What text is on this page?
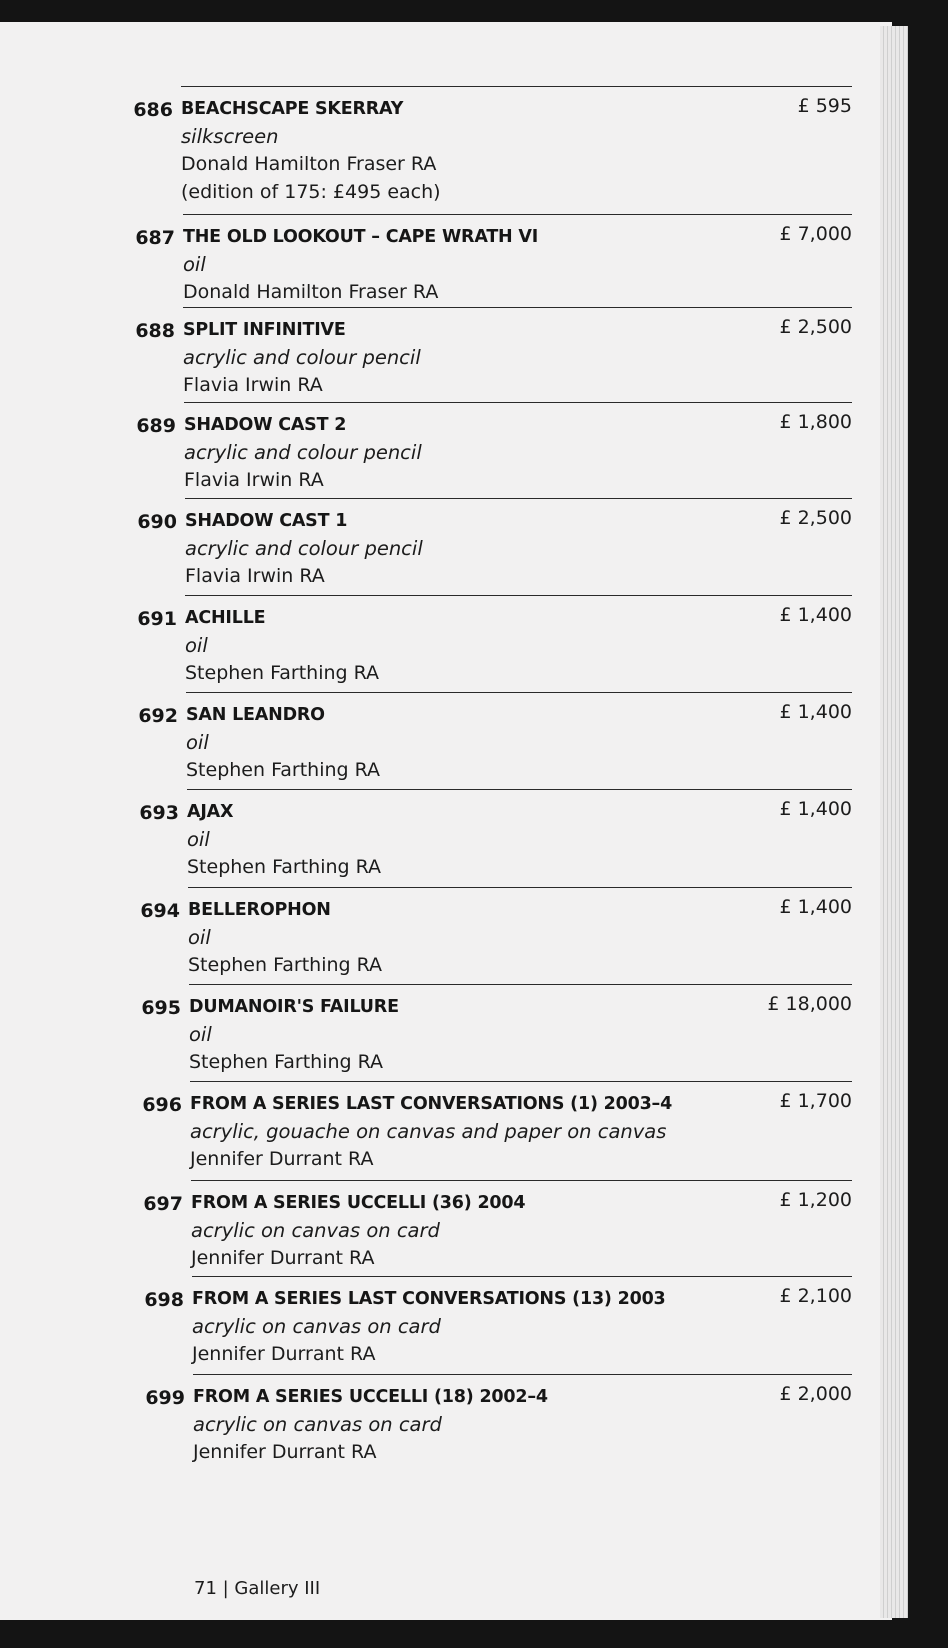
686 BEACHSCAPE SKERRAY
silkscreen
Donald Hamilton Fraser RA
(edition of 175: £495 each)
£ 595
687 THE OLD LOOKOUT – CAPE WRATH VI
oil
Donald Hamilton Fraser RA
£ 7,000
688 SPLIT INFINITIVE
acrylic and colour pencil
Flavia Irwin RA
£ 2,500
689 SHADOW CAST 2
acrylic and colour pencil
Flavia Irwin RA
£ 1,800
690 SHADOW CAST 1
acrylic and colour pencil
Flavia Irwin RA
£ 2,500
691 ACHILLE
oil
Stephen Farthing RA
£ 1,400
692 SAN LEANDRO
oil
Stephen Farthing RA
£ 1,400
693 AJAX
oil
Stephen Farthing RA
£ 1,400
694 BELLEROPHON
oil
Stephen Farthing RA
£ 1,400
695 DUMANOIR'S FAILURE
oil
Stephen Farthing RA
£ 18,000
696 FROM A SERIES LAST CONVERSATIONS (1) 2003–4
acrylic, gouache on canvas and paper on canvas
Jennifer Durrant RA
£ 1,700
697 FROM A SERIES UCCELLI (36) 2004
acrylic on canvas on card
Jennifer Durrant RA
£ 1,200
698 FROM A SERIES LAST CONVERSATIONS (13) 2003
acrylic on canvas on card
Jennifer Durrant RA
£ 2,100
699 FROM A SERIES UCCELLI (18) 2002–4
acrylic on canvas on card
Jennifer Durrant RA
£ 2,000
71 | Gallery III
